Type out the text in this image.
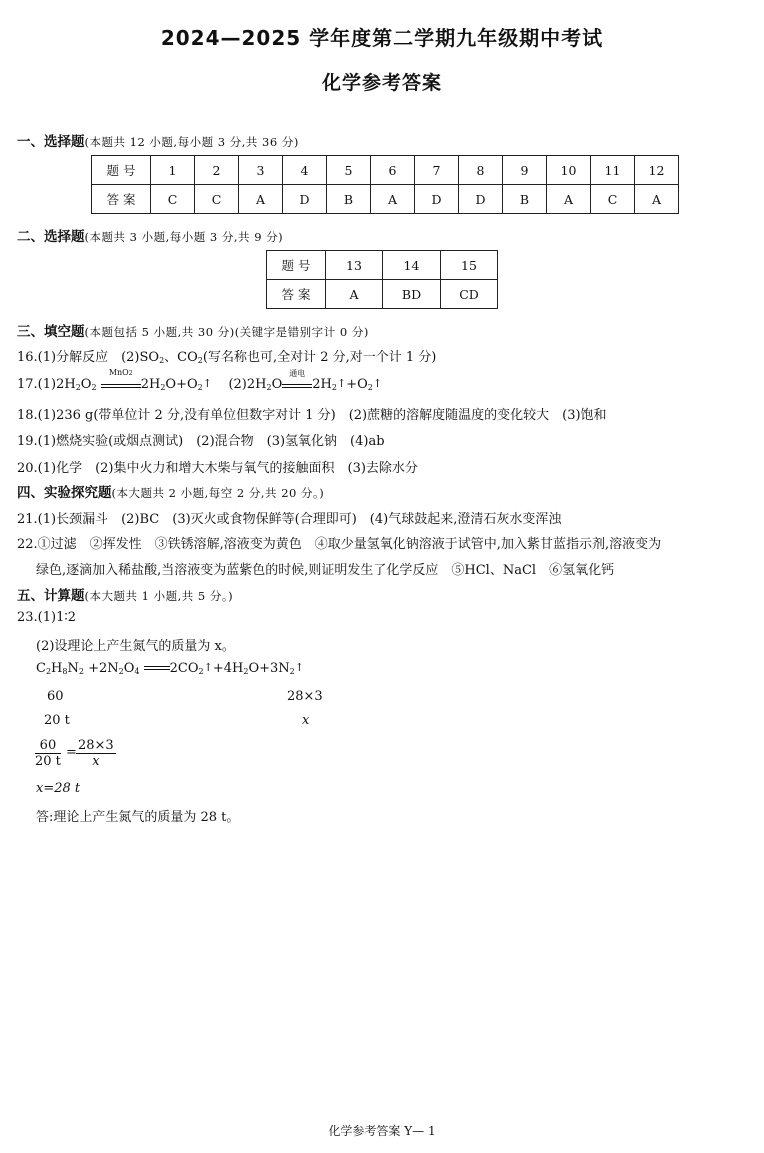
2024—2025 学年度第二学期九年级期中考试
化学参考答案
一、选择题(本题共 12 小题,每小题 3 分,共 36 分)
题 号	1	2	3	4	5	6	7	8	9	10	11	12
答 案	C	C	A	D	B	A	D	D	B	A	C	A
二、选择题(本题共 3 小题,每小题 3 分,共 9 分)
题 号	13	14	15
答 案	A	BD	CD
三、填空题(本题包括 5 小题,共 30 分)(关键字是错别字计 0 分)
16.(1)分解反应　$(2)SO_2$、$CO_2$(写名称也可,全对计 2 分,对一个计 1 分)
$17.(1)2H_2O_2$
MnO2
$2H_2O+O_2↑$ $(2)2H_2O$
通电
$2H_2↑+O_2↑$
18.(1)236 g(带单位计 2 分,没有单位但数字对计 1 分)　(2)蔗糖的溶解度随温度的变化较大　(3)饱和
19.(1)燃烧实验(或烟点测试)　(2)混合物　(3)氢氧化钠　(4)ab
20.(1)化学　(2)集中火力和增大木柴与氧气的接触面积　(3)去除水分
四、实验探究题(本大题共 2 小题,每空 2 分,共 20 分。)
21.(1)长颈漏斗　(2)BC　(3)灭火或食物保鲜等(合理即可)　(4)气球鼓起来,澄清石灰水变浑浊
22.①过滤　②挥发性　③铁锈溶解,溶液变为黄色　④取少量氢氧化钠溶液于试管中,加入紫甘蓝指示剂,溶液变为
绿色,逐滴加入稀盐酸,当溶液变为蓝紫色的时候,则证明发生了化学反应　⑤HCl、NaCl　⑥氢氧化钙
五、计算题(本大题共 1 小题,共 5 分。)
23.(1)1∶2
(2)设理论上产生氮气的质量为 x。
$C_2H_8N_2 +2N_2O_4$ $2CO_2↑+4H_2O+3N_2↑$
60	28×3
20 t	x
$\frac{60}{20 t} = \frac{28\times 3}{x}$
x=28 t
答:理论上产生氮气的质量为 28 t。
化学参考答案 Y— 1
